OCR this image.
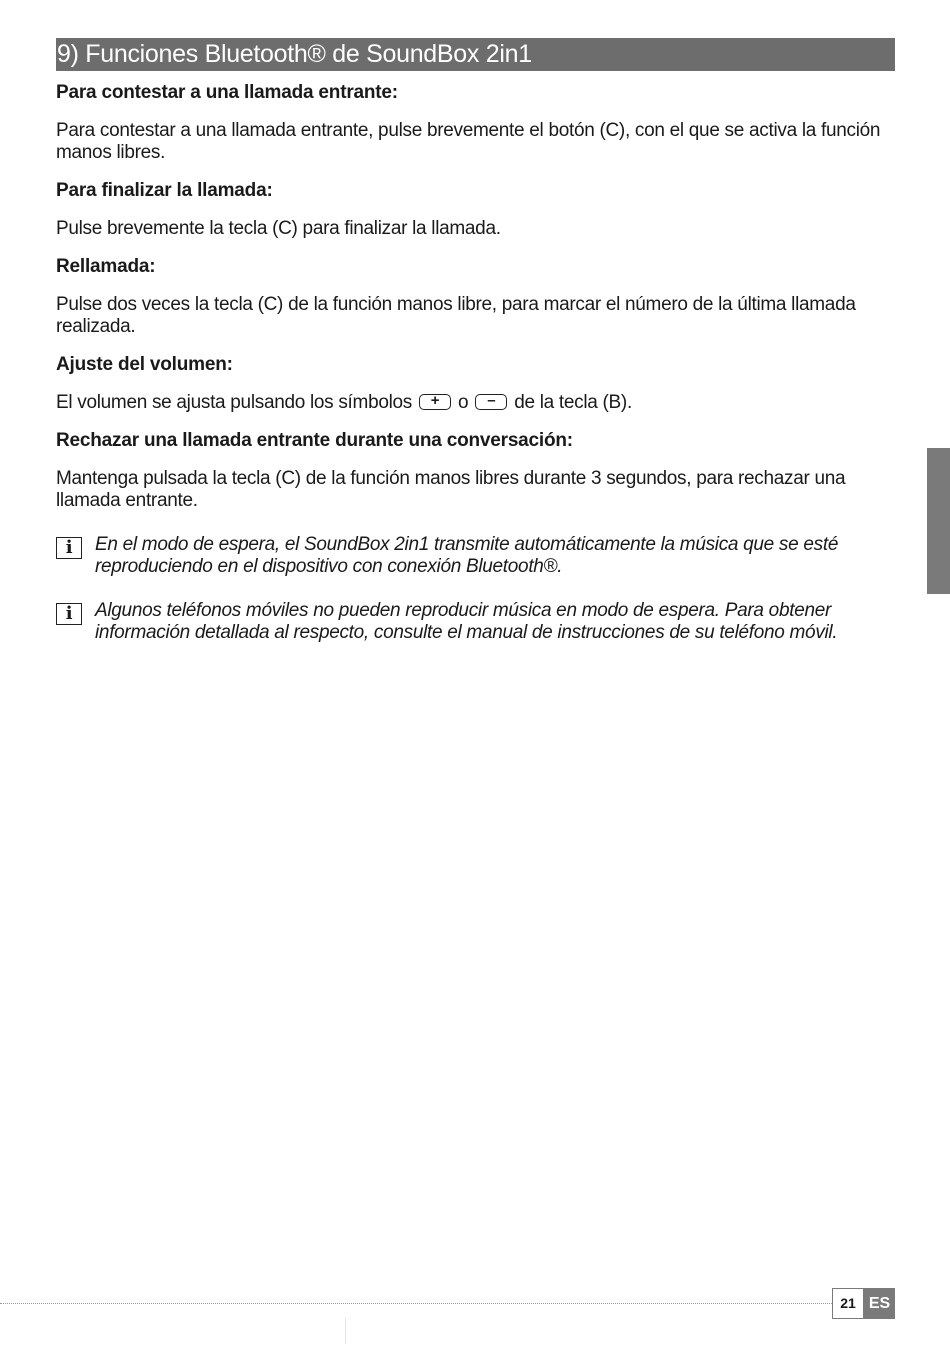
9) Funciones Bluetooth® de SoundBox 2in1

Para contestar a una llamada entrante:

Para contestar a una llamada entrante, pulse brevemente el botón (C), con el que se activa la función manos libres.

Para finalizar la llamada:

Pulse brevemente la tecla (C) para finalizar la llamada.

Rellamada:

Pulse dos veces la tecla (C) de la función manos libre, para marcar el número de la última llamada realizada.

Ajuste del volumen:

El volumen se ajusta pulsando los símbolos	+ o	– de la tecla (B).

Rechazar una llamada entrante durante una conversación:

Mantenga pulsada la tecla (C) de la función manos libres durante 3 segundos, para rechazar una llamada entrante.

i	En el modo de espera, el SoundBox 2in1 transmite automáticamente la música que se esté reproduciendo en el dispositivo con conexión Bluetooth®.

i	Algunos teléfonos móviles no pueden reproducir música en modo de espera. Para obtener información detallada al respecto, consulte el manual de instrucciones de su teléfono móvil.

21 ES
